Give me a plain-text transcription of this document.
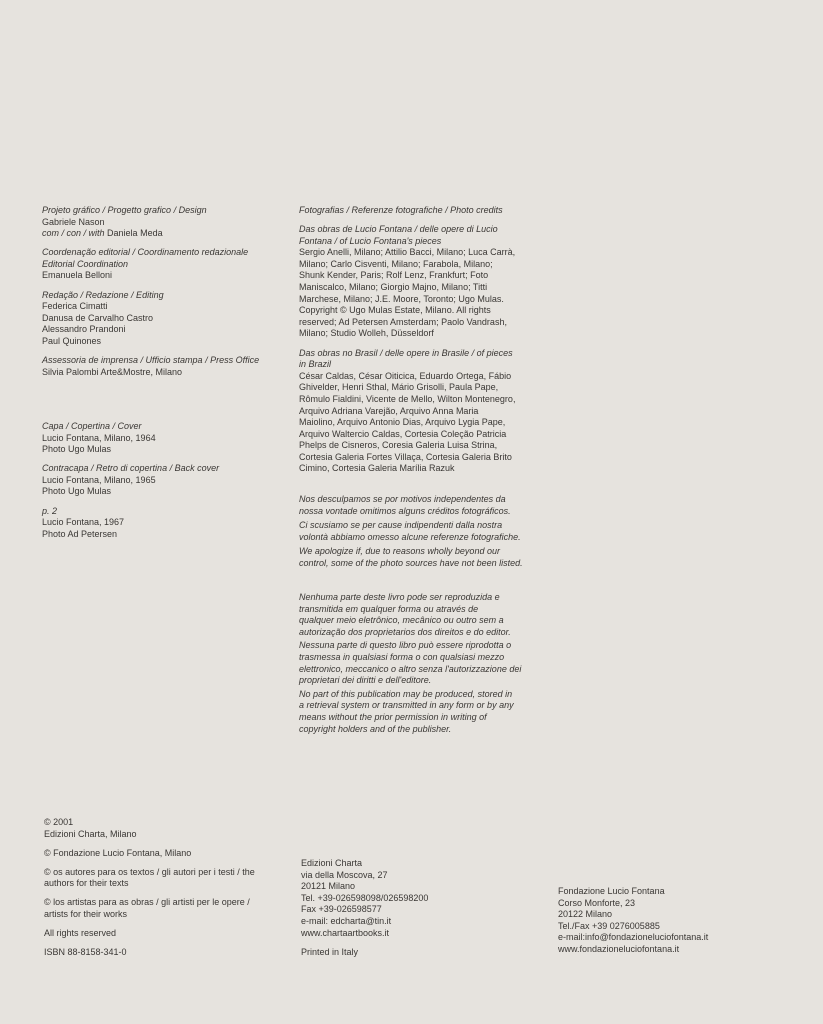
Projeto gráfico / Progetto grafico / Design
Gabriele Nason
com / con / with Daniela Meda
Coordenação editorial / Coordinamento redazionale
Editorial Coordination
Emanuela Belloni
Redação / Redazione / Editing
Federica Cimatti
Danusa de Carvalho Castro
Alessandro Prandoni
Paul Quinones
Assessoria de imprensa / Ufficio stampa / Press Office
Silvia Palombi Arte&Mostre, Milano
Capa / Copertina / Cover
Lucio Fontana, Milano, 1964
Photo Ugo Mulas
Contracapa / Retro di copertina / Back cover
Lucio Fontana, Milano, 1965
Photo Ugo Mulas
p. 2
Lucio Fontana, 1967
Photo Ad Petersen
Fotografias / Referenze fotografiche / Photo credits
Das obras de Lucio Fontana / delle opere di Lucio
Fontana / of Lucio Fontana's pieces
Sergio Anelli, Milano; Attilio Bacci, Milano; Luca Carrà,
Milano; Carlo Cisventi, Milano; Farabola, Milano;
Shunk Kender, Paris; Rolf Lenz, Frankfurt; Foto
Maniscalco, Milano; Giorgio Majno, Milano; Titti
Marchese, Milano; J.E. Moore, Toronto; Ugo Mulas.
Copyright © Ugo Mulas Estate, Milano. All rights
reserved; Ad Petersen Amsterdam; Paolo Vandrash,
Milano; Studio Wolleh, Düsseldorf
Das obras no Brasil / delle opere in Brasile / of pieces
in Brazil
César Caldas, César Oiticica, Eduardo Ortega, Fábio
Ghivelder, Henri Sthal, Mário Grisolli, Paula Pape,
Rômulo Fialdini, Vicente de Mello, Wilton Montenegro,
Arquivo Adriana Varejão, Arquivo Anna Maria
Maiolino, Arquivo Antonio Dias, Arquivo Lygia Pape,
Arquivo Waltercio Caldas, Cortesia Coleção Patricia
Phelps de Cisneros, Coresia Galeria Luisa Strina,
Cortesia Galeria Fortes Villaça, Cortesia Galeria Brito
Cimino, Cortesia Galeria Marília Razuk
Nos desculpamos se por motivos independentes da
nossa vontade omitimos alguns créditos fotográficos.
Ci scusiamo se per cause indipendenti dalla nostra
volontà abbiamo omesso alcune referenze fotografiche.
We apologize if, due to reasons wholly beyond our
control, some of the photo sources have not been listed.
Nenhuma parte deste livro pode ser reproduzida e
transmitida em qualquer forma ou através de
qualquer meio eletrônico, mecânico ou outro sem a
autorização dos proprietarios dos direitos e do editor.
Nessuna parte di questo libro può essere riprodotta o
trasmessa in qualsiasi forma o con qualsiasi mezzo
elettronico, meccanico o altro senza l'autorizzazione dei
proprietari dei diritti e dell'editore.
No part of this publication may be produced, stored in
a retrieval system or transmitted in any form or by any
means without the prior permission in writing of
copyright holders and of the publisher.
© 2001
Edizioni Charta, Milano
© Fondazione Lucio Fontana, Milano
© os autores para os textos / gli autori per i testi / the
authors for their texts
© los artistas para as obras / gli artisti per le opere /
artists for their works
All rights reserved
ISBN 88-8158-341-0
Edizioni Charta
via della Moscova, 27
20121 Milano
Tel. +39-026598098/026598200
Fax +39-026598577
e-mail: edcharta@tin.it
www.chartaartbooks.it
Printed in Italy
Fondazione Lucio Fontana
Corso Monforte, 23
20122 Milano
Tel./Fax +39 0276005885
e-mail:info@fondazioneluciofontana.it
www.fondazioneluciofontana.it
